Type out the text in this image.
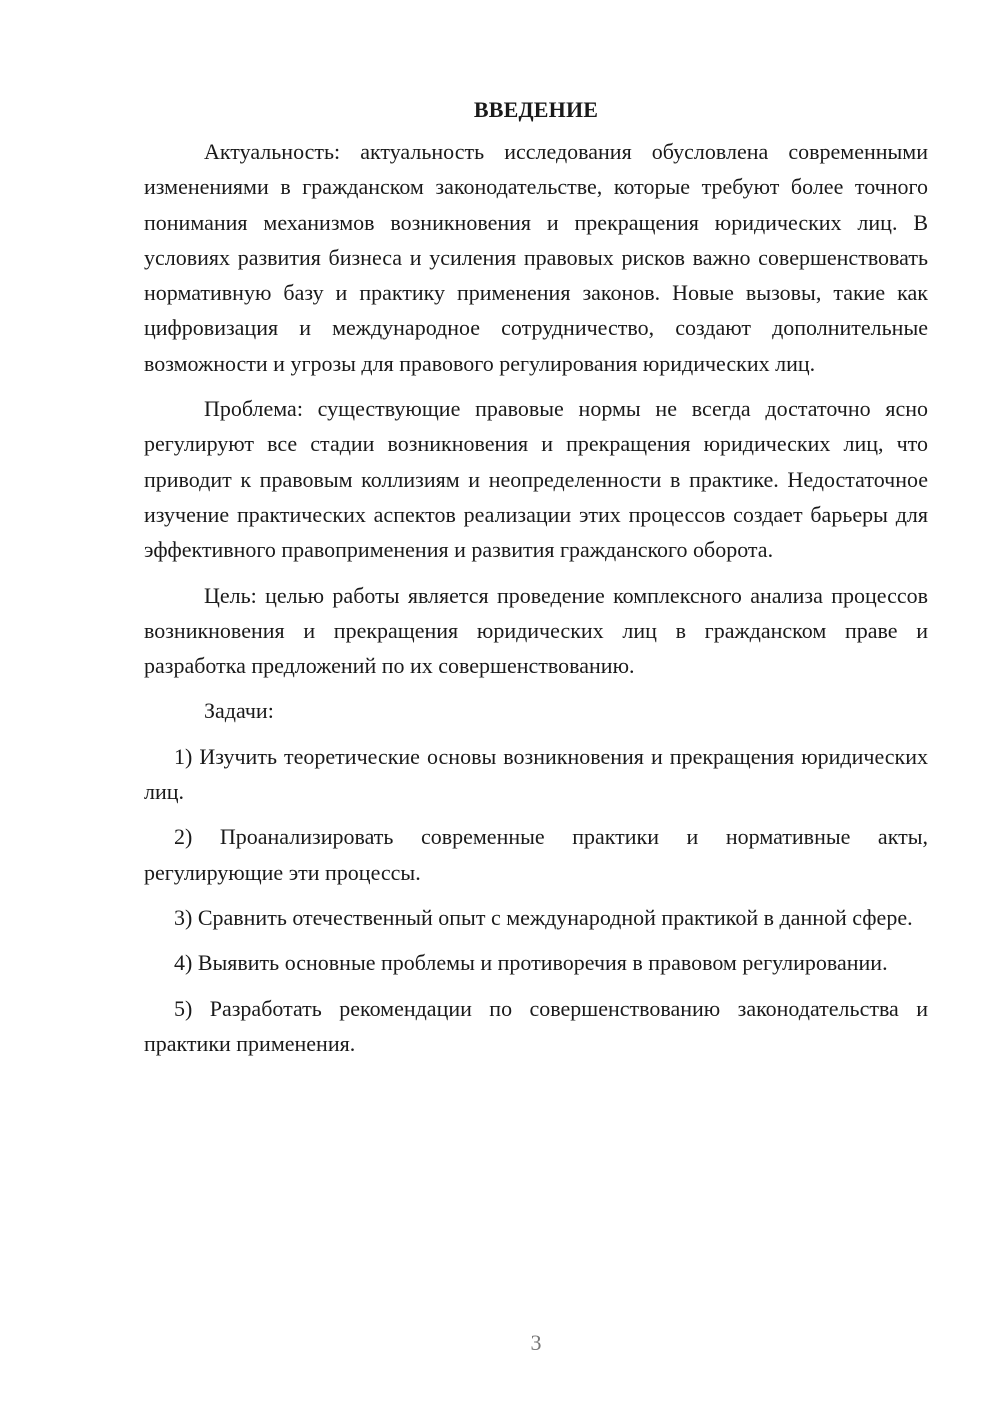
ВВЕДЕНИЕ

Актуальность: актуальность исследования обусловлена современными изменениями в гражданском законодательстве, которые требуют более точного понимания механизмов возникновения и прекращения юридических лиц. В условиях развития бизнеса и усиления правовых рисков важно совершенствовать нормативную базу и практику применения законов. Новые вызовы, такие как цифровизация и международное сотрудничество, создают дополнительные возможности и угрозы для правового регулирования юридических лиц.

Проблема: существующие правовые нормы не всегда достаточно ясно регулируют все стадии возникновения и прекращения юридических лиц, что приводит к правовым коллизиям и неопределенности в практике. Недостаточное изучение практических аспектов реализации этих процессов создает барьеры для эффективного правоприменения и развития гражданского оборота.

Цель: целью работы является проведение комплексного анализа процессов возникновения и прекращения юридических лиц в гражданском праве и разработка предложений по их совершенствованию.

Задачи:

1) Изучить теоретические основы возникновения и прекращения юридических лиц.

2) Проанализировать современные практики и нормативные акты, регулирующие эти процессы.

3) Сравнить отечественный опыт с международной практикой в данной сфере.

4) Выявить основные проблемы и противоречия в правовом регулировании.

5) Разработать рекомендации по совершенствованию законодательства и практики применения.

3
